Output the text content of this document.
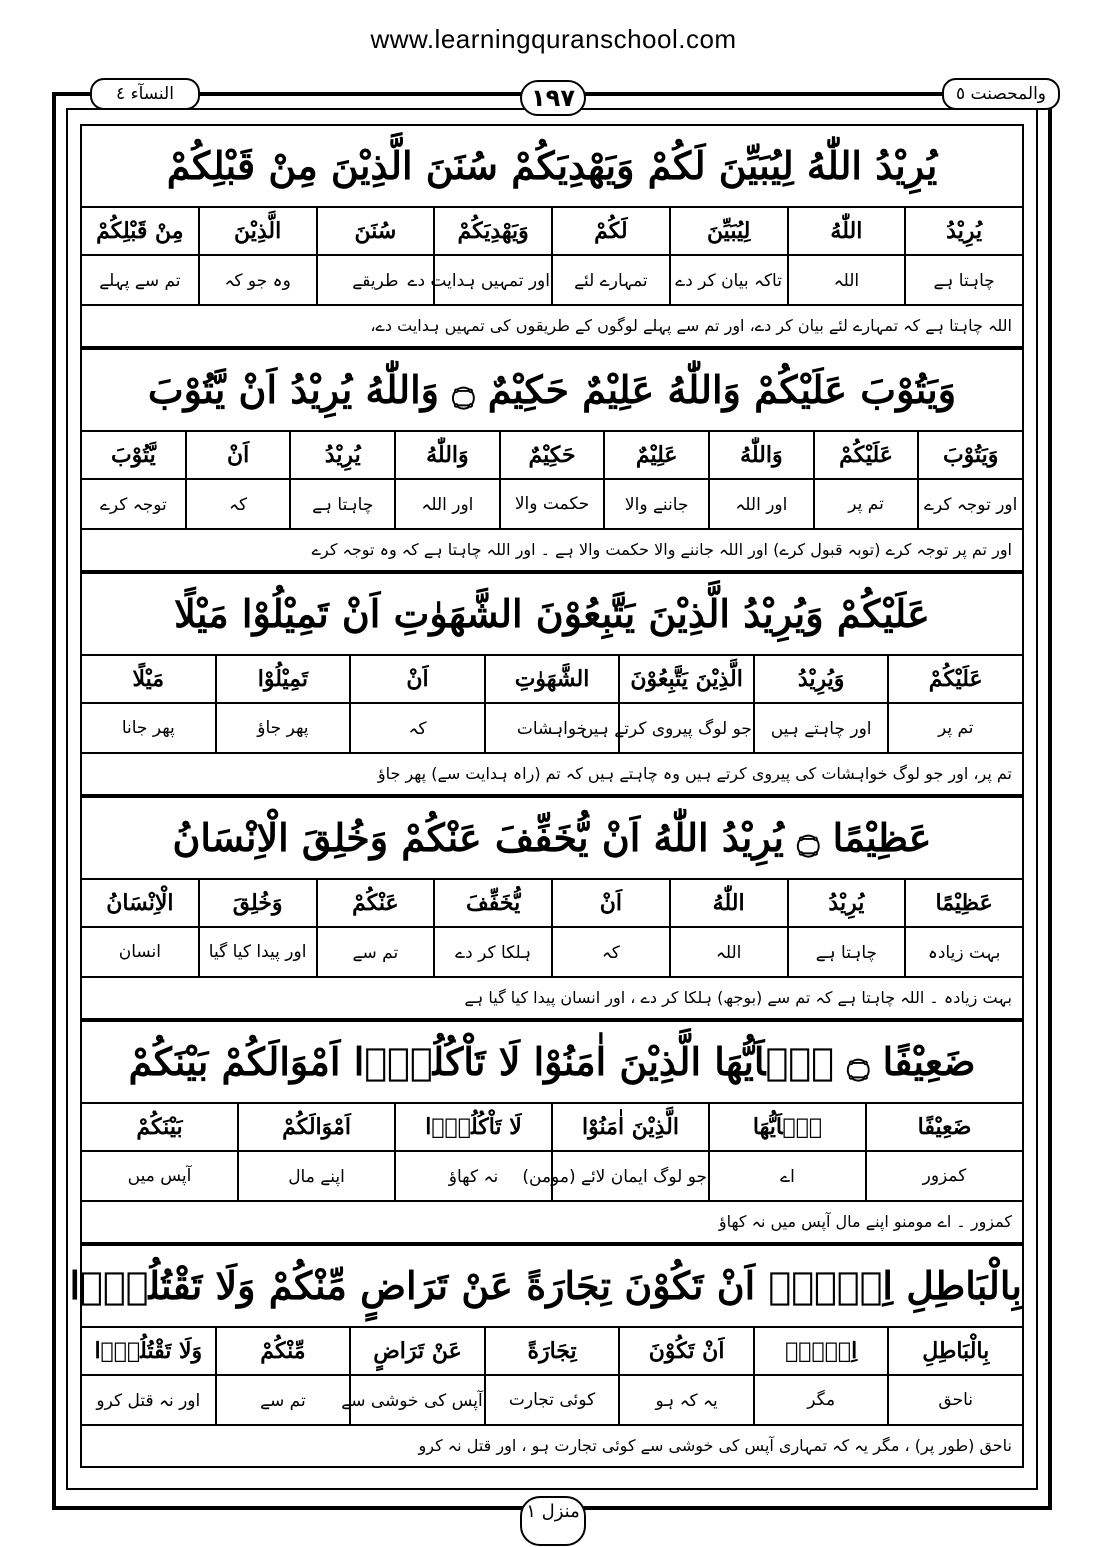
www.learningquranschool.com
والمحصنت ٥
۱۹۷
النسآء ٤
يُرِيْدُ اللّٰهُ لِيُبَيِّنَ لَكُمْ وَيَهْدِيَكُمْ سُنَنَ الَّذِيْنَ مِنْ قَبْلِكُمْ
يُرِيْدُ	اللّٰهُ	لِيُبَيِّنَ	لَكُمْ	وَيَهْدِيَكُمْ	سُنَنَ	الَّذِيْنَ	مِنْ قَبْلِكُمْ
چاہتا ہے	اللہ	تاکہ بیان کر دے	تمہارے لئے	اور تمہیں ہدایت دے	طریقے	وہ جو کہ	تم سے پہلے
اللہ چاہتا ہے کہ تمہارے لئے بیان کر دے، اور تم سے پہلے لوگوں کے طریقوں کی تمہیں ہدایت دے،
وَيَتُوْبَ عَلَيْكُمْ وَاللّٰهُ عَلِيْمٌ حَكِيْمٌ ۝ وَاللّٰهُ يُرِيْدُ اَنْ يَّتُوْبَ
وَيَتُوْبَ	عَلَيْكُمْ	وَاللّٰهُ	عَلِيْمٌ	حَكِيْمٌ	وَاللّٰهُ	يُرِيْدُ	اَنْ	يَّتُوْبَ
اور توجہ کرے	تم پر	اور اللہ	جاننے والا	حکمت والا	اور اللہ	چاہتا ہے	کہ	توجہ کرے
اور تم پر توجہ کرے (توبہ قبول کرے) اور اللہ جاننے والا حکمت والا ہے ۔ اور اللہ چاہتا ہے کہ وہ توجہ کرے
عَلَيْكُمْ وَيُرِيْدُ الَّذِيْنَ يَتَّبِعُوْنَ الشَّهَوٰتِ اَنْ تَمِيْلُوْا مَيْلًا
عَلَيْكُمْ	وَيُرِيْدُ	الَّذِيْنَ يَتَّبِعُوْنَ	الشَّهَوٰتِ	اَنْ	تَمِيْلُوْا	مَيْلًا
تم پر	اور چاہتے ہیں	جو لوگ پیروی کرتے ہیں	خواہشات	کہ	پھر جاؤ	پھر جانا
تم پر، اور جو لوگ خواہشات کی پیروی کرتے ہیں وہ چاہتے ہیں کہ تم (راہ ہدایت سے) پھر جاؤ
عَظِيْمًا ۝ يُرِيْدُ اللّٰهُ اَنْ يُّخَفِّفَ عَنْكُمْ وَخُلِقَ الْاِنْسَانُ
عَظِيْمًا	يُرِيْدُ	اللّٰهُ	اَنْ	يُّخَفِّفَ	عَنْكُمْ	وَخُلِقَ	الْاِنْسَانُ
بہت زیادہ	چاہتا ہے	اللہ	کہ	ہلکا کر دے	تم سے	اور پیدا کیا گیا	انسان
بہت زیادہ ۔ اللہ چاہتا ہے کہ تم سے (بوجھ) ہلکا کر دے ، اور انسان پیدا کیا گیا ہے
ضَعِيْفًا ۝ يٰۤاَيُّهَا الَّذِيْنَ اٰمَنُوْا لَا تَاْكُلُوْۤا اَمْوَالَكُمْ بَيْنَكُمْ
ضَعِيْفًا	يٰۤاَيُّهَا	الَّذِيْنَ اٰمَنُوْا	لَا تَاْكُلُوْۤا	اَمْوَالَكُمْ	بَيْنَكُمْ
کمزور	اے	جو لوگ ایمان لائے (مومن)	نہ کھاؤ	اپنے مال	آپس میں
کمزور ۔ اے مومنو اپنے مال آپس میں نہ کھاؤ
بِالْبَاطِلِ اِلَّاۤ اَنْ تَكُوْنَ تِجَارَةً عَنْ تَرَاضٍ مِّنْكُمْ وَلَا تَقْتُلُوْۤا
بِالْبَاطِلِ	اِلَّاۤ	اَنْ تَكُوْنَ	تِجَارَةً	عَنْ تَرَاضٍ	مِّنْكُمْ	وَلَا تَقْتُلُوْۤا
ناحق	مگر	یہ کہ ہو	کوئی تجارت	آپس کی خوشی سے	تم سے	اور نہ قتل کرو
ناحق (طور پر) ، مگر یہ کہ تمہاری آپس کی خوشی سے کوئی تجارت ہو ، اور قتل نہ کرو
منزل ١
